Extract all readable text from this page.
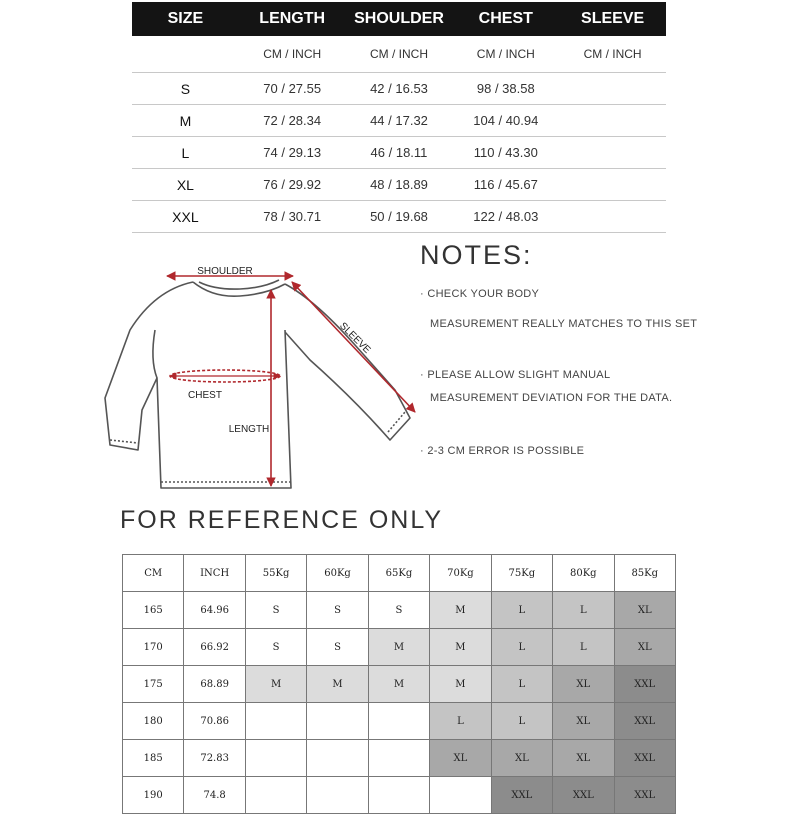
SIZE	LENGTH	SHOULDER	CHEST	SLEEVE
	CM / INCH	CM / INCH	CM / INCH	CM / INCH
S	70 / 27.55	42 / 16.53	98 / 38.58	
M	72 / 28.34	44 / 17.32	104 / 40.94	
L	74 / 29.13	46 / 18.11	110 / 43.30	
XL	76 / 29.92	48 / 18.89	116 / 45.67	
XXL	78 / 30.71	50 / 19.68	122 / 48.03	
SHOULDER
SLEEVE
CHEST
LENGTH
NOTES:
· CHECK YOUR BODY
MEASUREMENT REALLY MATCHES TO THIS SET
· PLEASE ALLOW SLIGHT MANUAL
MEASUREMENT DEVIATION FOR THE DATA.
· 2-3 CM ERROR IS POSSIBLE
FOR REFERENCE ONLY
CM	INCH	55Kg	60Kg	65Kg	70Kg	75Kg	80Kg	85Kg
165	64.96	S	S	S	M	L	L	XL
170	66.92	S	S	M	M	L	L	XL
175	68.89	M	M	M	M	L	XL	XXL
180	70.86				L	L	XL	XXL
185	72.83				XL	XL	XL	XXL
190	74.8					XXL	XXL	XXL
